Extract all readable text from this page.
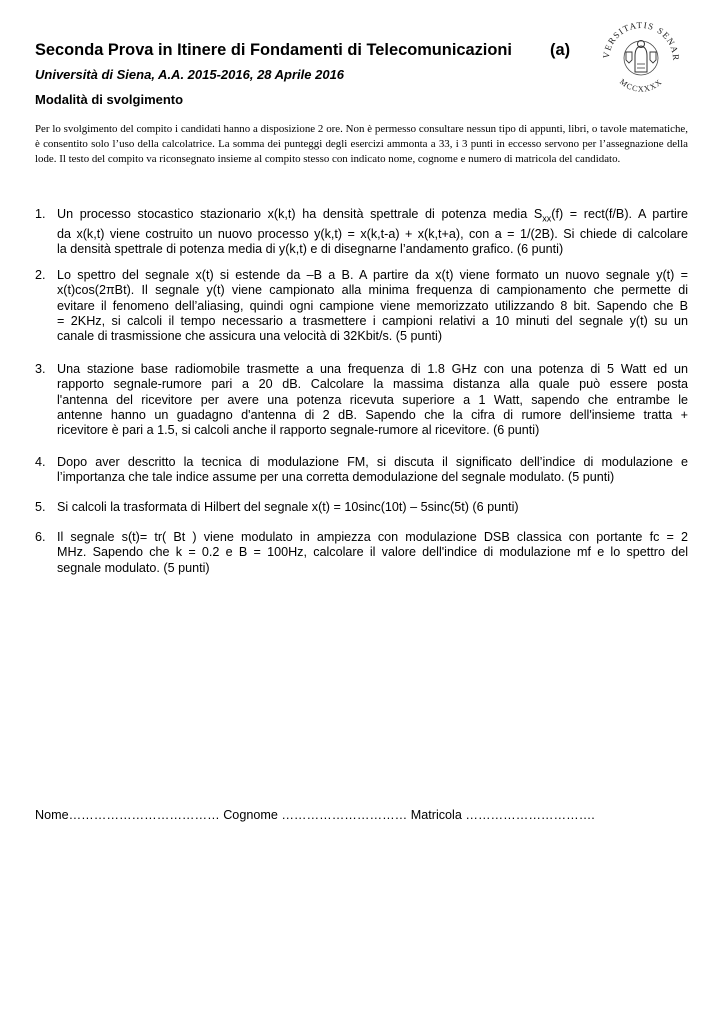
Seconda Prova in Itinere di Fondamenti di Telecomunicazioni (a)
Università di Siena, A.A. 2015-2016, 28 Aprile 2016
Modalità di svolgimento
VERSITATIS SENAR
MCCXXXX

Per lo svolgimento del compito i candidati hanno a disposizione 2 ore. Non è permesso consultare nessun tipo di appunti, libri, o tavole matematiche, è consentito solo l’uso della calcolatrice. La somma dei punteggi degli esercizi ammonta a 33, i 3 punti in eccesso servono per l’assegnazione della lode. Il testo del compito va riconsegnato insieme al compito stesso con indicato nome, cognome e numero di matricola del candidato.

1. Un processo stocastico stazionario x(k,t) ha densità spettrale di potenza media $S_{xx}(f)$ = rect(f/B). A partire
da x(k,t) viene costruito un nuovo processo y(k,t) = x(k,t-a) + x(k,t+a), con a = 1/(2B). Si chiede di calcolare
la densità spettrale di potenza media di y(k,t) e di disegnarne l’andamento grafico. (6 punti)
2. Lo spettro del segnale x(t) si estende da –B a B. A partire da x(t) viene formato un nuovo segnale y(t) =
x(t)cos(2πBt). Il segnale y(t) viene campionato alla minima frequenza di campionamento che permette di
evitare il fenomeno dell’aliasing, quindi ogni campione viene memorizzato utilizzando 8 bit. Sapendo che B
= 2KHz, si calcoli il tempo necessario a trasmettere i campioni relativi a 10 minuti del segnale y(t) su un
canale di trasmissione che assicura una velocità di 32Kbit/s. (5 punti)
3. Una stazione base radiomobile trasmette a una frequenza di 1.8 GHz con una potenza di 5 Watt ed un
rapporto segnale-rumore pari a 20 dB. Calcolare la massima distanza alla quale può essere posta
l'antenna del ricevitore per avere una potenza ricevuta superiore a 1 Watt, sapendo che entrambe le
antenne hanno un guadagno d'antenna di 2 dB. Sapendo che la cifra di rumore dell'insieme tratta +
ricevitore è pari a 1.5, si calcoli anche il rapporto segnale-rumore al ricevitore. (6 punti)
4. Dopo aver descritto la tecnica di modulazione FM, si discuta il significato dell’indice di modulazione e
l’importanza che tale indice assume per una corretta demodulazione del segnale modulato. (5 punti)
5. Si calcoli la trasformata di Hilbert del segnale x(t) = 10sinc(10t) – 5sinc(5t) (6 punti)
6. Il segnale s(t)= tr( Bt ) viene modulato in ampiezza con modulazione DSB classica con portante fc = 2
MHz. Sapendo che k = 0.2 e B = 100Hz, calcolare il valore dell'indice di modulazione mf e lo spettro del
segnale modulato. (5 punti)
Nome……………………………… Cognome ………………………… Matricola ………………………….
